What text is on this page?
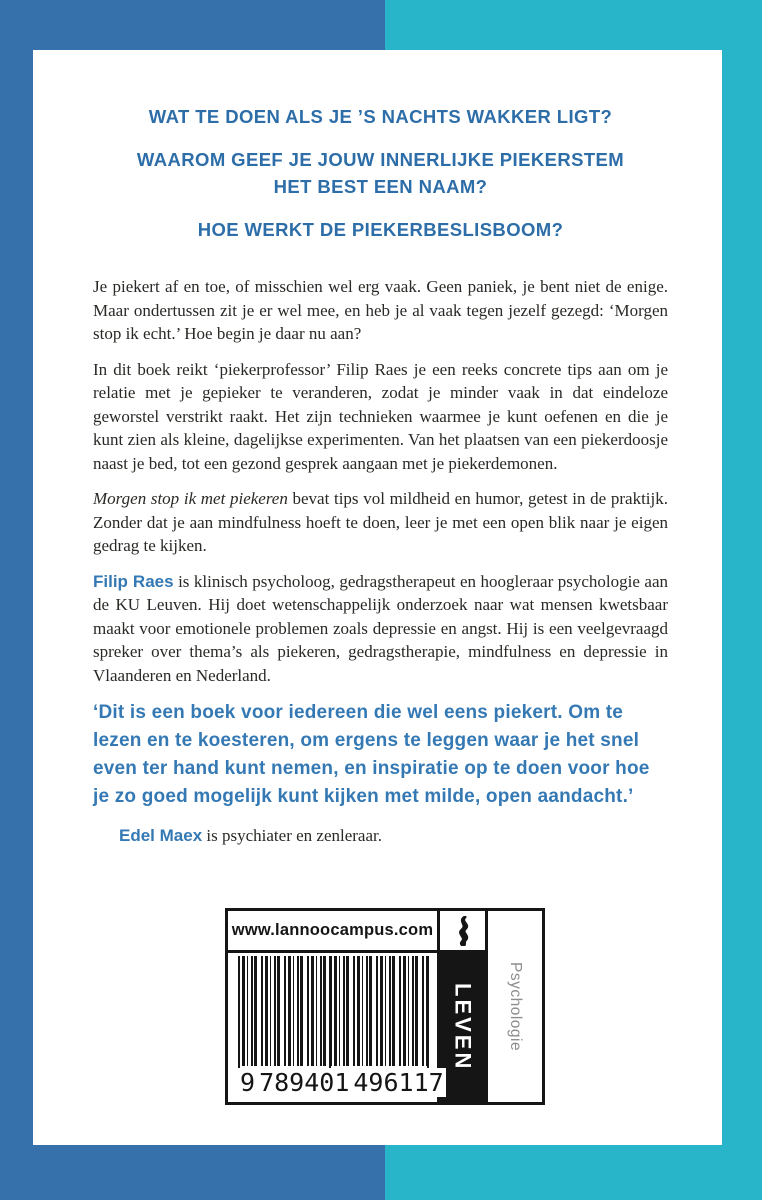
WAT TE DOEN ALS JE ’S NACHTS WAKKER LIGT?
WAAROM GEEF JE JOUW INNERLIJKE PIEKERSTEM HET BEST EEN NAAM?
HOE WERKT DE PIEKERBESLISBOOM?

Je piekert af en toe, of misschien wel erg vaak. Geen paniek, je bent niet de enige. Maar ondertussen zit je er wel mee, en heb je al vaak tegen jezelf gezegd: ‘Morgen stop ik echt.’ Hoe begin je daar nu aan?

In dit boek reikt ‘piekerprofessor’ Filip Raes je een reeks concrete tips aan om je relatie met je gepieker te veranderen, zodat je minder vaak in dat eindeloze geworstel verstrikt raakt. Het zijn technieken waarmee je kunt oefenen en die je kunt zien als kleine, dagelijkse experimenten. Van het plaatsen van een piekerdoosje naast je bed, tot een gezond gesprek aangaan met je piekerdemonen.

Morgen stop ik met piekeren bevat tips vol mildheid en humor, getest in de praktijk. Zonder dat je aan mindfulness hoeft te doen, leer je met een open blik naar je eigen gedrag te kijken.

Filip Raes is klinisch psycholoog, gedragstherapeut en hoogleraar psychologie aan de KU Leuven. Hij doet wetenschappelijk onderzoek naar wat mensen kwetsbaar maakt voor emotionele problemen zoals depressie en angst. Hij is een veelgevraagd spreker over thema’s als piekeren, gedragstherapie, mindfulness en depressie in Vlaanderen en Nederland.

‘Dit is een boek voor iedereen die wel eens piekert. Om te lezen en te koesteren, om ergens te leggen waar je het snel even ter hand kunt nemen, en inspiratie op te doen voor hoe je zo goed mogelijk kunt kijken met milde, open aandacht.’
Edel Maex is psychiater en zenleraar.
www.lannoocampus.com
9 789401 496117
LEVEN	Psychologie
